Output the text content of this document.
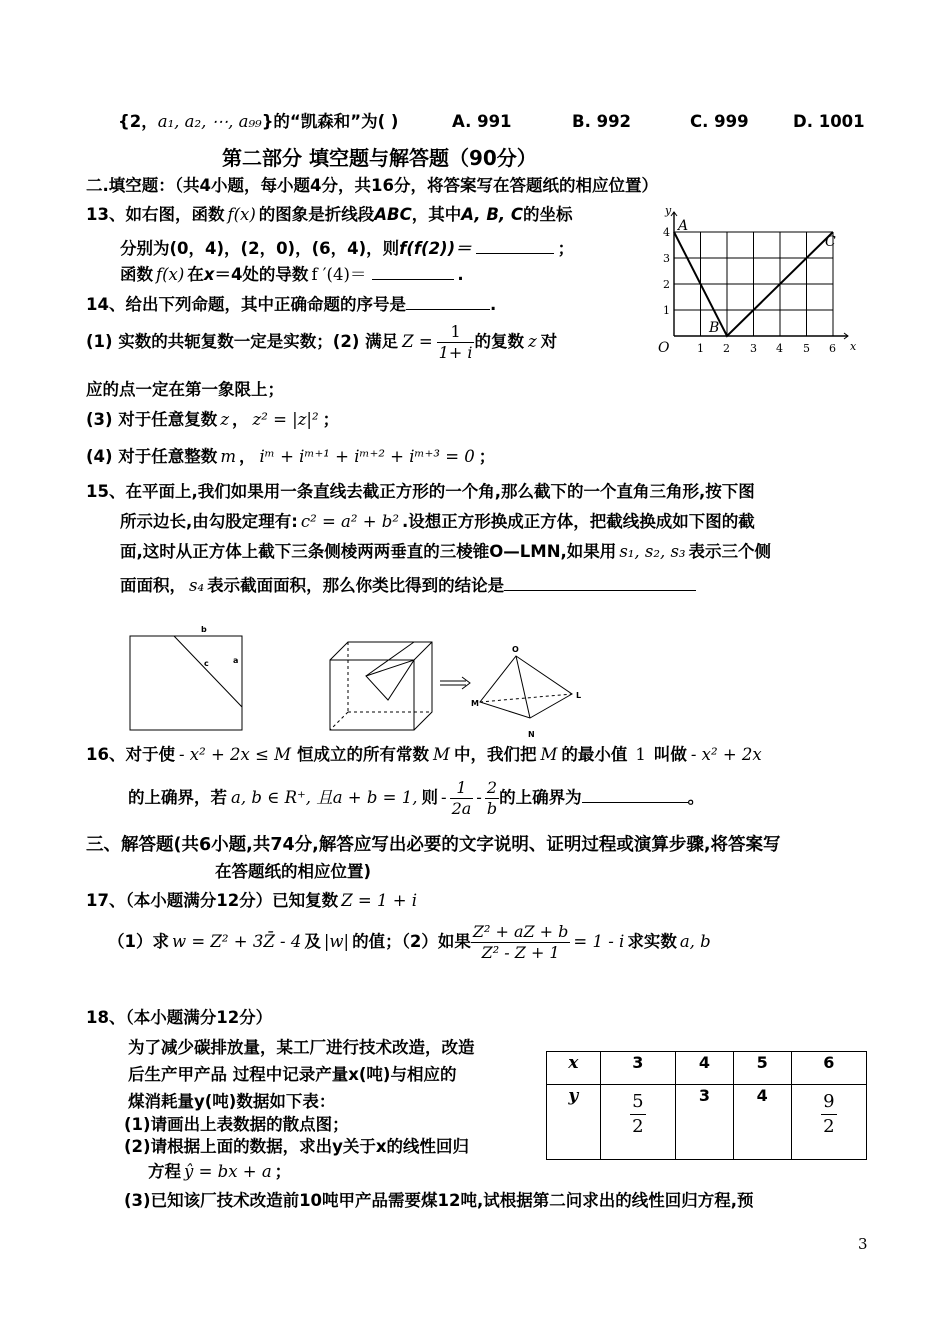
{2，a₁, a₂, ⋯, a₉₉}的“凯森和”为( )	A. 991	B. 992	C. 999	D. 1001
第二部分 填空题与解答题（90分）
二.填空题：（共4小题，每小题4分，共16分，将答案写在答题纸的相应位置）
13、如右图，函数 f(x) 的图象是折线段ABC，其中A, B, C的坐标
分别为(0，4)，(2，0)，(6，4)，则f(f(2))＝	；
函数 f(x) 在x＝4处的导数 f ′(4)＝	.
y
x
O	1 2 3 4 5 6
1
2
3
4 A
B
C
14、给出下列命题，其中正确命题的序号是	.
(1) 实数的共轭复数一定是实数；(2) 满足 $Z = \frac{1}{1+ i}$ 的复数 z 对
应的点一定在第一象限上；
(3) 对于任意复数 z ， z² = |z|² ；
(4) 对于任意整数 m ， iᵐ + iᵐ⁺¹ + iᵐ⁺² + iᵐ⁺³ = 0 ；
15、在平面上,我们如果用一条直线去截正方形的一个角,那么截下的一个直角三角形,按下图
所示边长,由勾股定理有: c² = a² + b² .设想正方形换成正方体，把截线换成如下图的截
面,这时从正方体上截下三条侧棱两两垂直的三棱锥O—LMN,如果用 s₁, s₂, s₃ 表示三个侧
面面积， s₄ 表示截面面积，那么你类比得到的结论是
b
c	a
O
L
N
M
16、对于使 - x² + 2x ≤ M 恒成立的所有常数 M 中，我们把 M 的最小值 1 叫做 - x² + 2x
的上确界，若 a, b ∈ R⁺, 且a + b = 1, 则 - $\frac{1}{2a} - \frac{2}{b}$ 的上确界为	。
三、解答题(共6小题,共74分,解答应写出必要的文字说明、证明过程或演算步骤,将答案写
在答题纸的相应位置)
17、（本小题满分12分）已知复数 Z = 1 + i
（1）求 w = Z² + 3Z̄ - 4 及 |w| 的值；（2）如果 $\frac{\text{Z² + aZ + b}}{\text{Z² - Z + 1}} = 1 - i$ 求实数 a, b
18、（本小题满分12分）
为了减少碳排放量，某工厂进行技术改造，改造
后生产甲产品 过程中记录产量x(吨)与相应的
煤消耗量y(吨)数据如下表：
(1)请画出上表数据的散点图；
(2)请根据上面的数据，求出y关于x的线性回归
方程 ŷ = bx + a ；
(3)已知该厂技术改造前10吨甲产品需要煤12吨,试根据第二问求出的线性回归方程,预
x	3	4	5	6
y	$\frac{5}{2}$	3	4	$\frac{9}{2}$
3
